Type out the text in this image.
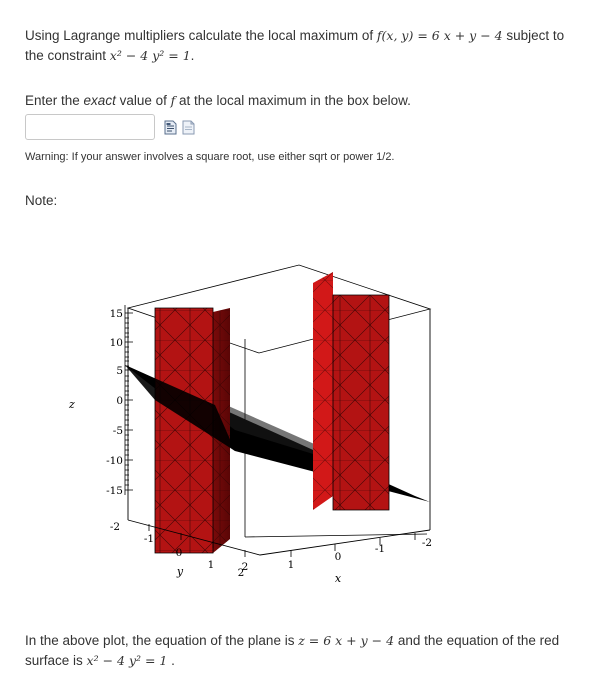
Using Lagrange multipliers calculate the local maximum of f(x, y) = 6 x + y − 4 subject to the constraint x² − 4 y² = 1.
Enter the exact value of f at the local maximum in the box below.
Warning: If your answer involves a square root, use either sqrt or power 1/2.
Note:
15
10
5
0
-5
-10
-15
z
-2
-1
0
1
2
y	1
2
0
-1	-2
x
In the above plot, the equation of the plane is z = 6 x + y − 4 and the equation of the red surface is x² − 4 y² = 1 .
